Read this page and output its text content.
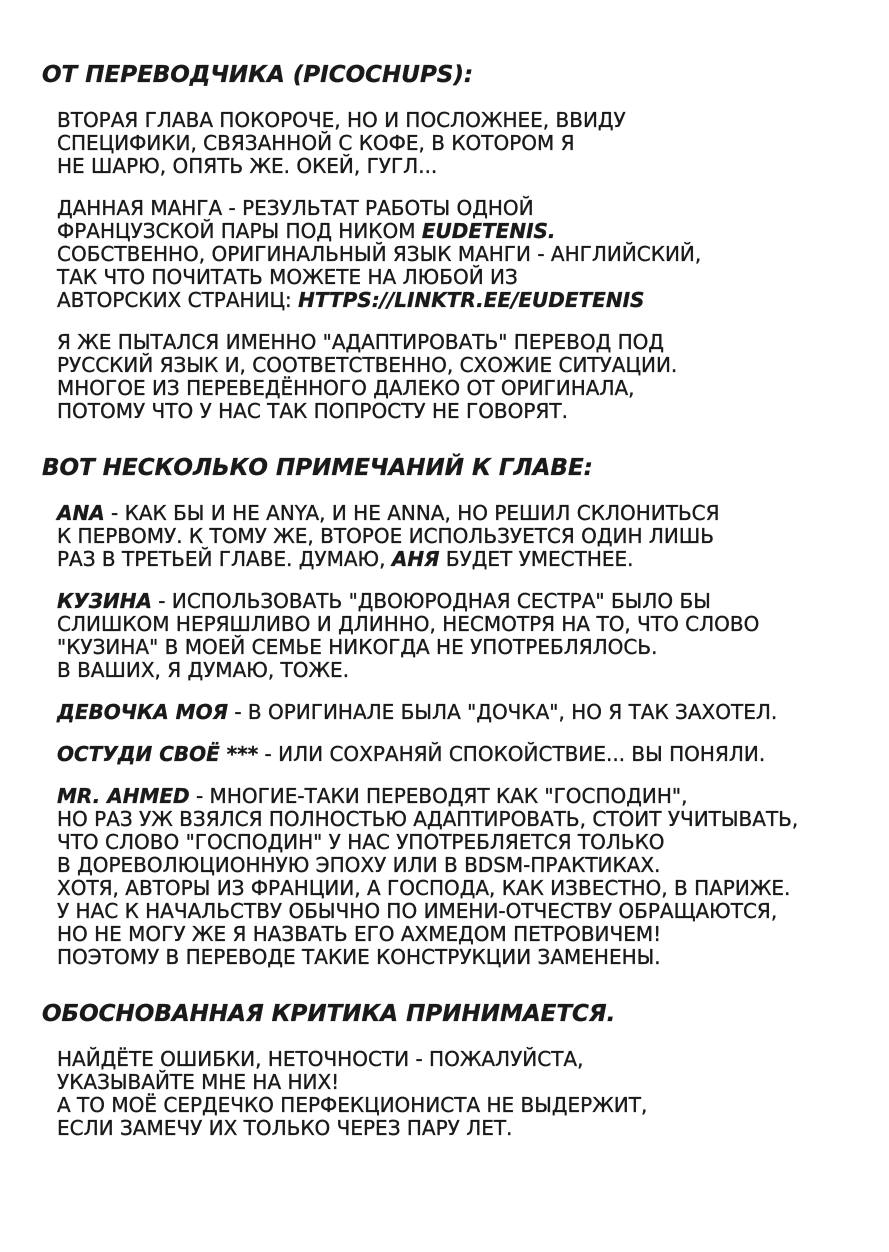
ОТ ПЕРЕВОДЧИКА (PICOCHUPS):
ВТОРАЯ ГЛАВА ПОКОРОЧЕ, НО И ПОСЛОЖНЕЕ, ВВИДУ
СПЕЦИФИКИ, СВЯЗАННОЙ С КОФЕ, В КОТОРОМ Я
НЕ ШАРЮ, ОПЯТЬ ЖЕ. ОКЕЙ, ГУГЛ...
ДАННАЯ МАНГА - РЕЗУЛЬТАТ РАБОТЫ ОДНОЙ
ФРАНЦУЗСКОЙ ПАРЫ ПОД НИКОМ EUDETENIS.
СОБСТВЕННО, ОРИГИНАЛЬНЫЙ ЯЗЫК МАНГИ - АНГЛИЙСКИЙ,
ТАК ЧТО ПОЧИТАТЬ МОЖЕТЕ НА ЛЮБОЙ ИЗ
АВТОРСКИХ СТРАНИЦ: HTTPS://LINKTR.EE/EUDETENIS
Я ЖЕ ПЫТАЛСЯ ИМЕННО "АДАПТИРОВАТЬ" ПЕРЕВОД ПОД
РУССКИЙ ЯЗЫК И, СООТВЕТСТВЕННО, СХОЖИЕ СИТУАЦИИ.
МНОГОЕ ИЗ ПЕРЕВЕДЁННОГО ДАЛЕКО ОТ ОРИГИНАЛА,
ПОТОМУ ЧТО У НАС ТАК ПОПРОСТУ НЕ ГОВОРЯТ.
ВОТ НЕСКОЛЬКО ПРИМЕЧАНИЙ К ГЛАВЕ:
ANA - КАК БЫ И НЕ ANYA, И НЕ ANNA, НО РЕШИЛ СКЛОНИТЬСЯ
К ПЕРВОМУ. К ТОМУ ЖЕ, ВТОРОЕ ИСПОЛЬЗУЕТСЯ ОДИН ЛИШЬ
РАЗ В ТРЕТЬЕЙ ГЛАВЕ. ДУМАЮ, АНЯ БУДЕТ УМЕСТНЕЕ.
КУЗИНА - ИСПОЛЬЗОВАТЬ "ДВОЮРОДНАЯ СЕСТРА" БЫЛО БЫ
СЛИШКОМ НЕРЯШЛИВО И ДЛИННО, НЕСМОТРЯ НА ТО, ЧТО СЛОВО
"КУЗИНА" В МОЕЙ СЕМЬЕ НИКОГДА НЕ УПОТРЕБЛЯЛОСЬ.
В ВАШИХ, Я ДУМАЮ, ТОЖЕ.
ДЕВОЧКА МОЯ - В ОРИГИНАЛЕ БЫЛА "ДОЧКА", НО Я ТАК ЗАХОТЕЛ.
ОСТУДИ СВОЁ *** - ИЛИ СОХРАНЯЙ СПОКОЙСТВИЕ... ВЫ ПОНЯЛИ.
MR. AHMED - МНОГИЕ-ТАКИ ПЕРЕВОДЯТ КАК "ГОСПОДИН",
НО РАЗ УЖ ВЗЯЛСЯ ПОЛНОСТЬЮ АДАПТИРОВАТЬ, СТОИТ УЧИТЫВАТЬ,
ЧТО СЛОВО "ГОСПОДИН" У НАС УПОТРЕБЛЯЕТСЯ ТОЛЬКО
В ДОРЕВОЛЮЦИОННУЮ ЭПОХУ ИЛИ В BDSM-ПРАКТИКАХ.
ХОТЯ, АВТОРЫ ИЗ ФРАНЦИИ, А ГОСПОДА, КАК ИЗВЕСТНО, В ПАРИЖЕ.
У НАС К НАЧАЛЬСТВУ ОБЫЧНО ПО ИМЕНИ-ОТЧЕСТВУ ОБРАЩАЮТСЯ,
НО НЕ МОГУ ЖЕ Я НАЗВАТЬ ЕГО АХМЕДОМ ПЕТРОВИЧЕМ!
ПОЭТОМУ В ПЕРЕВОДЕ ТАКИЕ КОНСТРУКЦИИ ЗАМЕНЕНЫ.
ОБОСНОВАННАЯ КРИТИКА ПРИНИМАЕТСЯ.
НАЙДЁТЕ ОШИБКИ, НЕТОЧНОСТИ - ПОЖАЛУЙСТА,
УКАЗЫВАЙТЕ МНЕ НА НИХ!
А ТО МОЁ СЕРДЕЧКО ПЕРФЕКЦИОНИСТА НЕ ВЫДЕРЖИТ,
ЕСЛИ ЗАМЕЧУ ИХ ТОЛЬКО ЧЕРЕЗ ПАРУ ЛЕТ.
